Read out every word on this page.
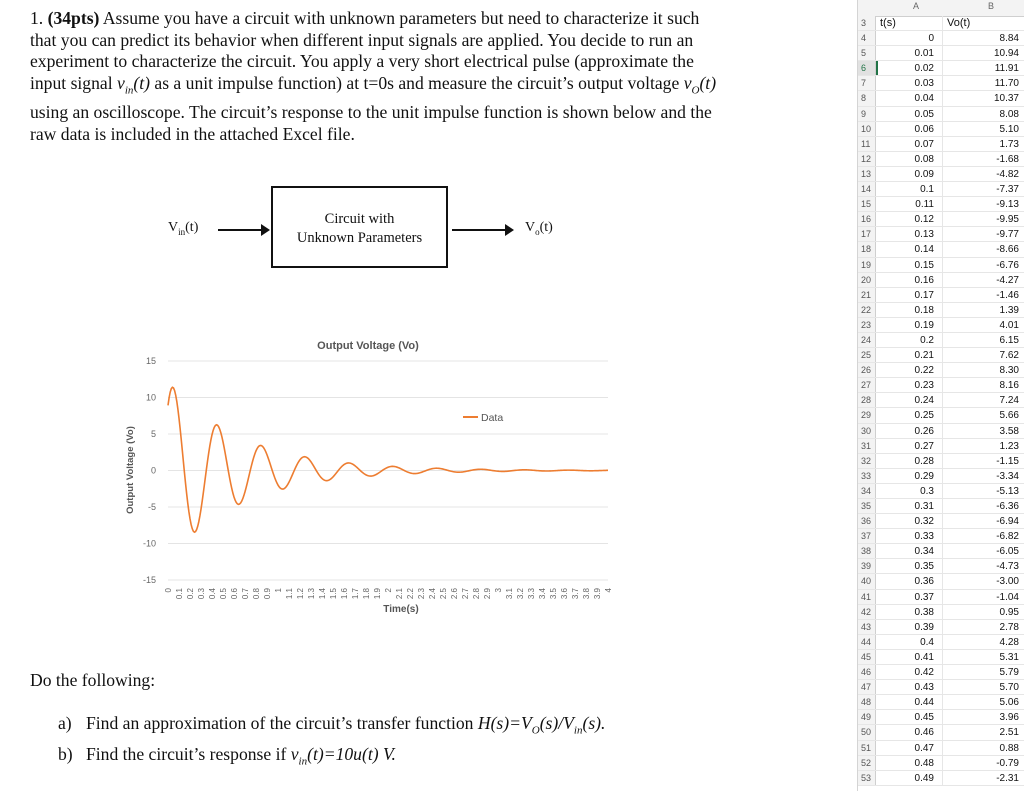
1. (34pts) Assume you have a circuit with unknown parameters but need to characterize it such that you can predict its behavior when different input signals are applied. You decide to run an experiment to characterize the circuit. You apply a very short electrical pulse (approximate the input signal $v_{in}(t)$ as a unit impulse function) at t=0s and measure the circuit’s output voltage $v_O(t)$ using an oscilloscope. The circuit’s response to the unit impulse function is shown below and the raw data is included in the attached Excel file.

$V_{in}(t)$
Circuit with
Unknown Parameters
$V_o(t)$
Output Voltage (Vo)
15
10
5
0
-5
-10
-15
0 0.1 0.2 0.3 0.4 0.5 0.6 0.7 0.8 0.9 1 1.1 1.2 1.3 1.4 1.5 1.6 1.7 1.8 1.9 2 2.1 2.2 2.3 2.4 2.5 2.6 2.7 2.8 2.9 3 3.1 3.2 3.3 3.4 3.5 3.6 3.7 3.8 3.9 4
Data
Time(s)
Output Voltage (Vo)
Do the following:
a) Find an approximation of the circuit’s transfer function $H(s)=V_O(s)/V_{in}(s)$.
b) Find the circuit’s response if $v_{in}(t)=10u(t)$ V.
A	B
3	t(s)	Vo(t)
4	0	8.84
5	0.01	10.94
6	0.02	11.91
7	0.03	11.70
8	0.04	10.37
9	0.05	8.08
10	0.06	5.10
11	0.07	1.73
12	0.08	-1.68
13	0.09	-4.82
14	0.1	-7.37
15	0.11	-9.13
16	0.12	-9.95
17	0.13	-9.77
18	0.14	-8.66
19	0.15	-6.76
20	0.16	-4.27
21	0.17	-1.46
22	0.18	1.39
23	0.19	4.01
24	0.2	6.15
25	0.21	7.62
26	0.22	8.30
27	0.23	8.16
28	0.24	7.24
29	0.25	5.66
30	0.26	3.58
31	0.27	1.23
32	0.28	-1.15
33	0.29	-3.34
34	0.3	-5.13
35	0.31	-6.36
36	0.32	-6.94
37	0.33	-6.82
38	0.34	-6.05
39	0.35	-4.73
40	0.36	-3.00
41	0.37	-1.04
42	0.38	0.95
43	0.39	2.78
44	0.4	4.28
45	0.41	5.31
46	0.42	5.79
47	0.43	5.70
48	0.44	5.06
49	0.45	3.96
50	0.46	2.51
51	0.47	0.88
52	0.48	-0.79
53	0.49	-2.31
